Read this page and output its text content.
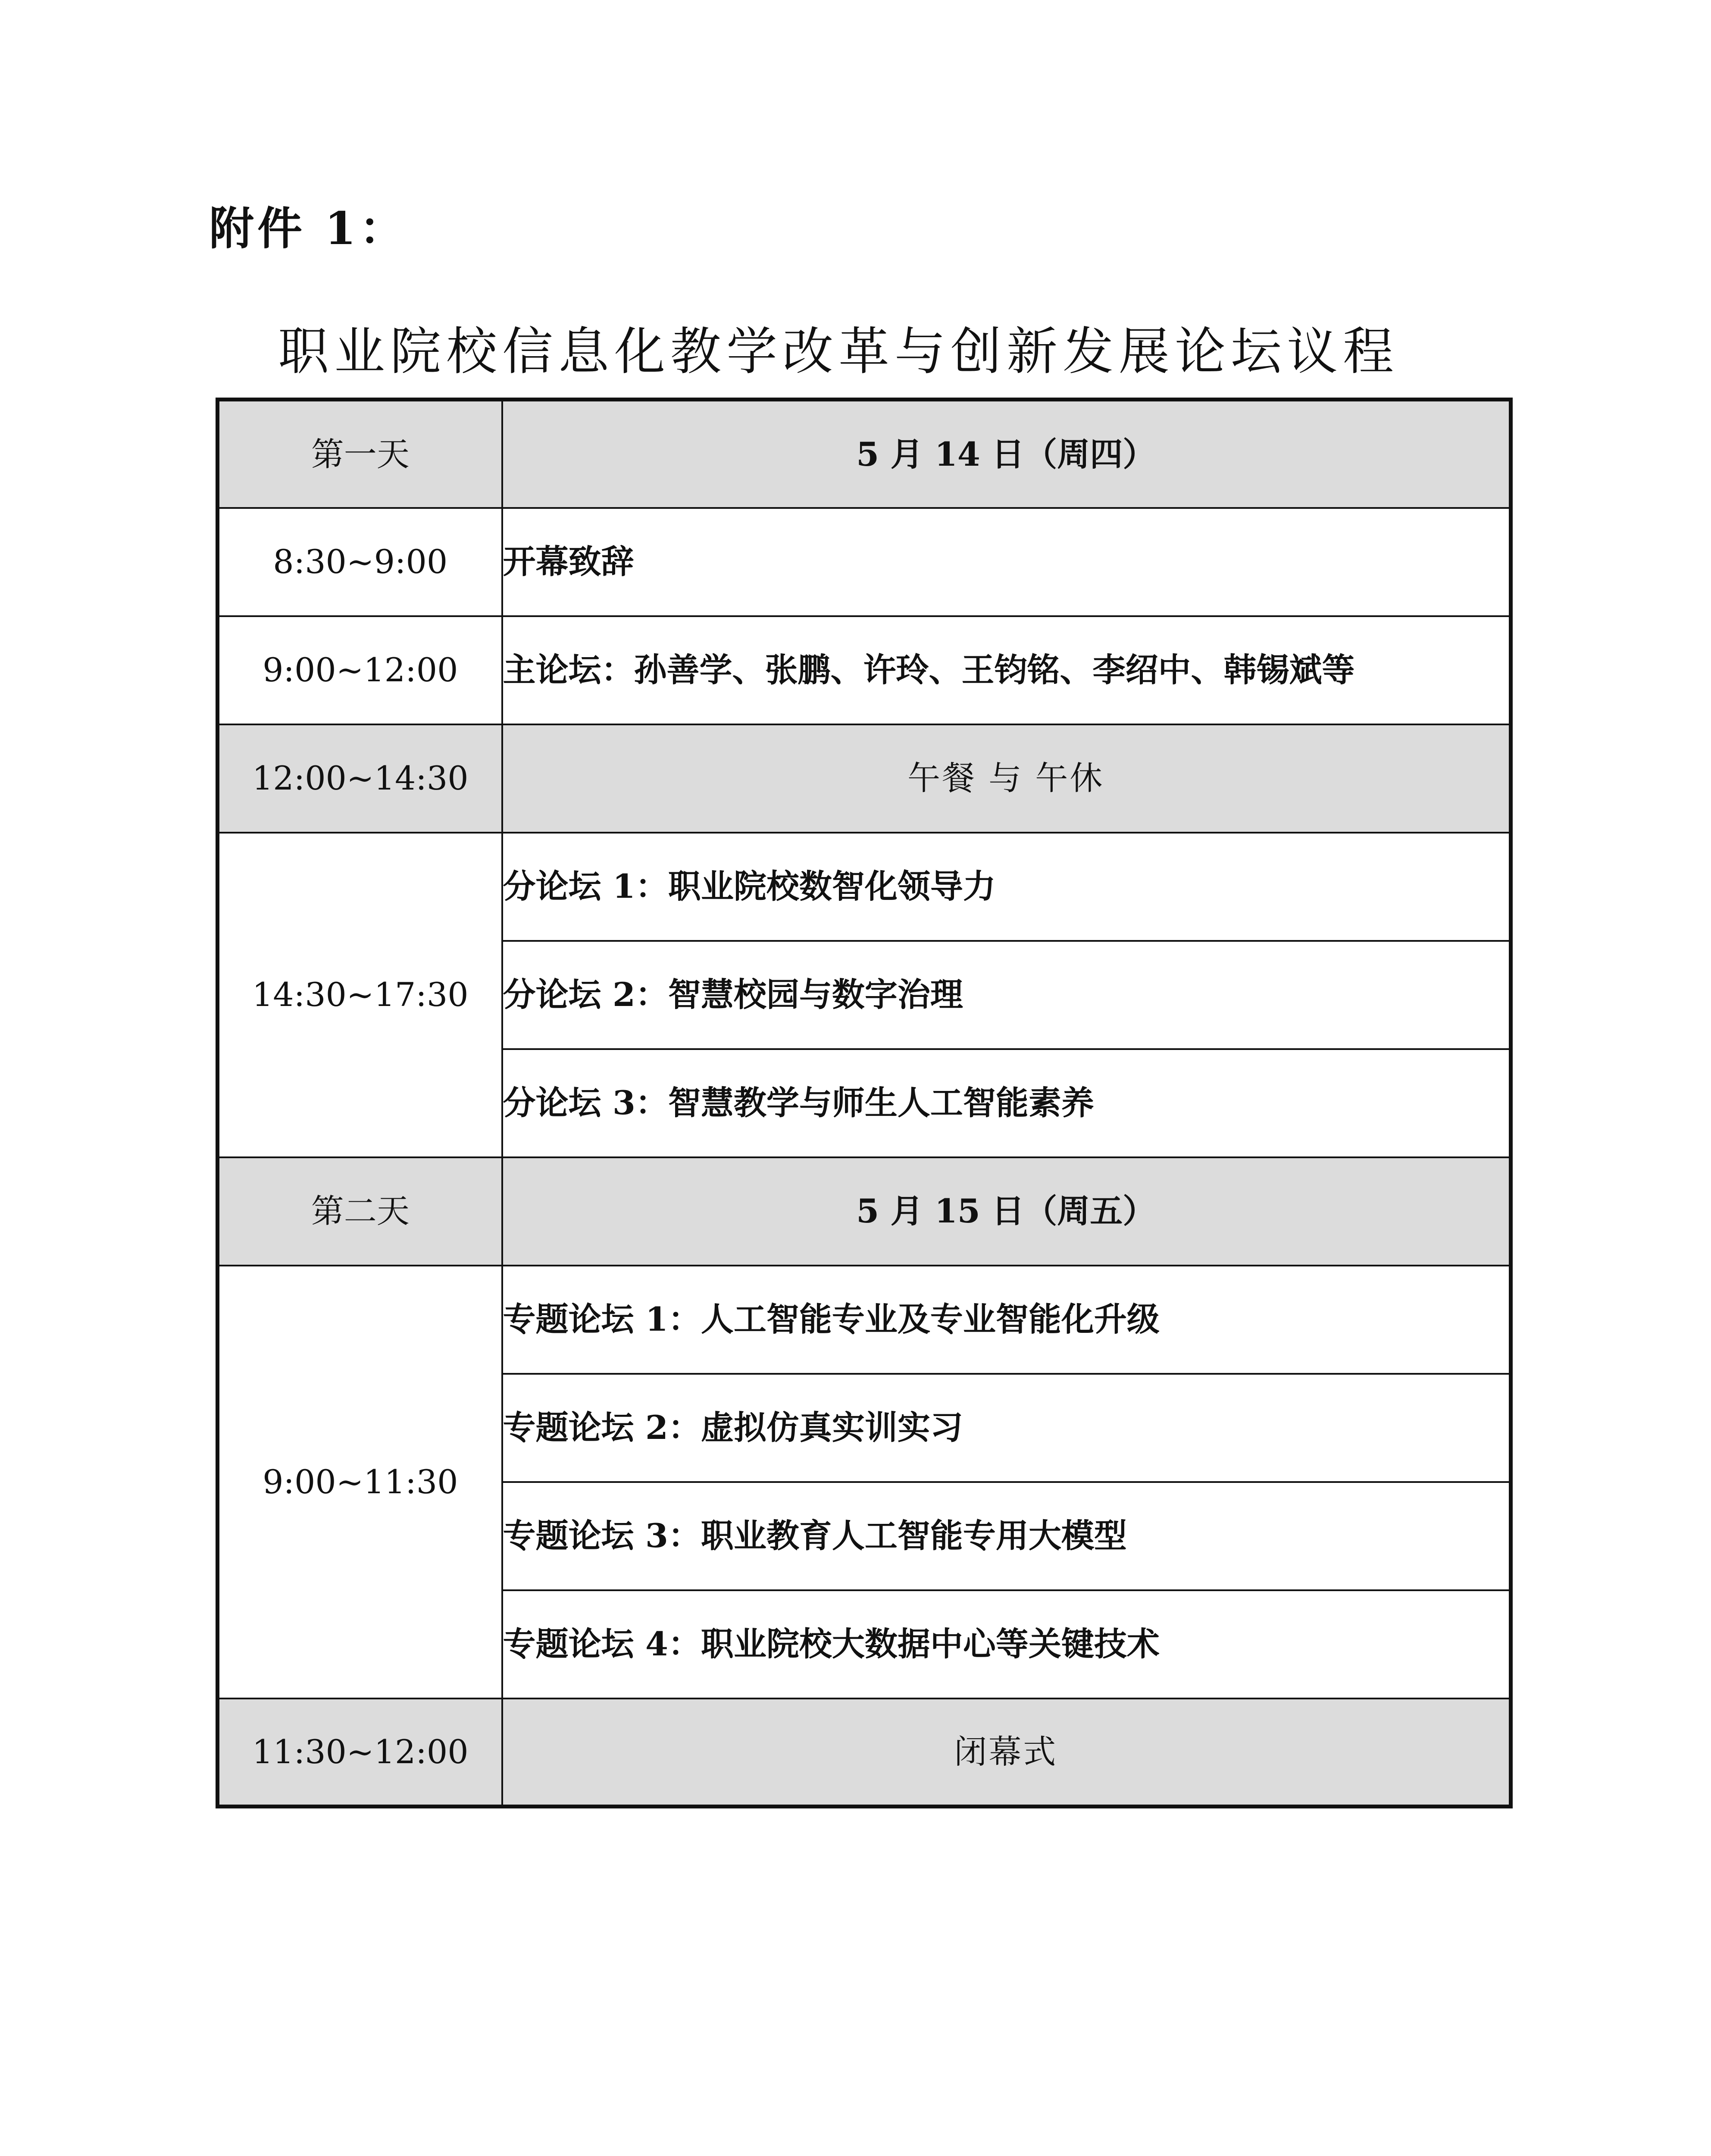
附件 1：
职业院校信息化教学改革与创新发展论坛议程
第一天	5 月 14 日（周四）
8:30~9:00	开幕致辞
9:00~12:00	主论坛：孙善学、张鹏、许玲、王钧铭、李绍中、韩锡斌等
12:00~14:30	午餐 与 午休
14:30~17:30	分论坛 1：职业院校数智化领导力
	分论坛 2：智慧校园与数字治理
	分论坛 3：智慧教学与师生人工智能素养
第二天	5 月 15 日（周五）
9:00~11:30	专题论坛 1：人工智能专业及专业智能化升级
	专题论坛 2：虚拟仿真实训实习
	专题论坛 3：职业教育人工智能专用大模型
	专题论坛 4：职业院校大数据中心等关键技术
11:30~12:00	闭幕式
